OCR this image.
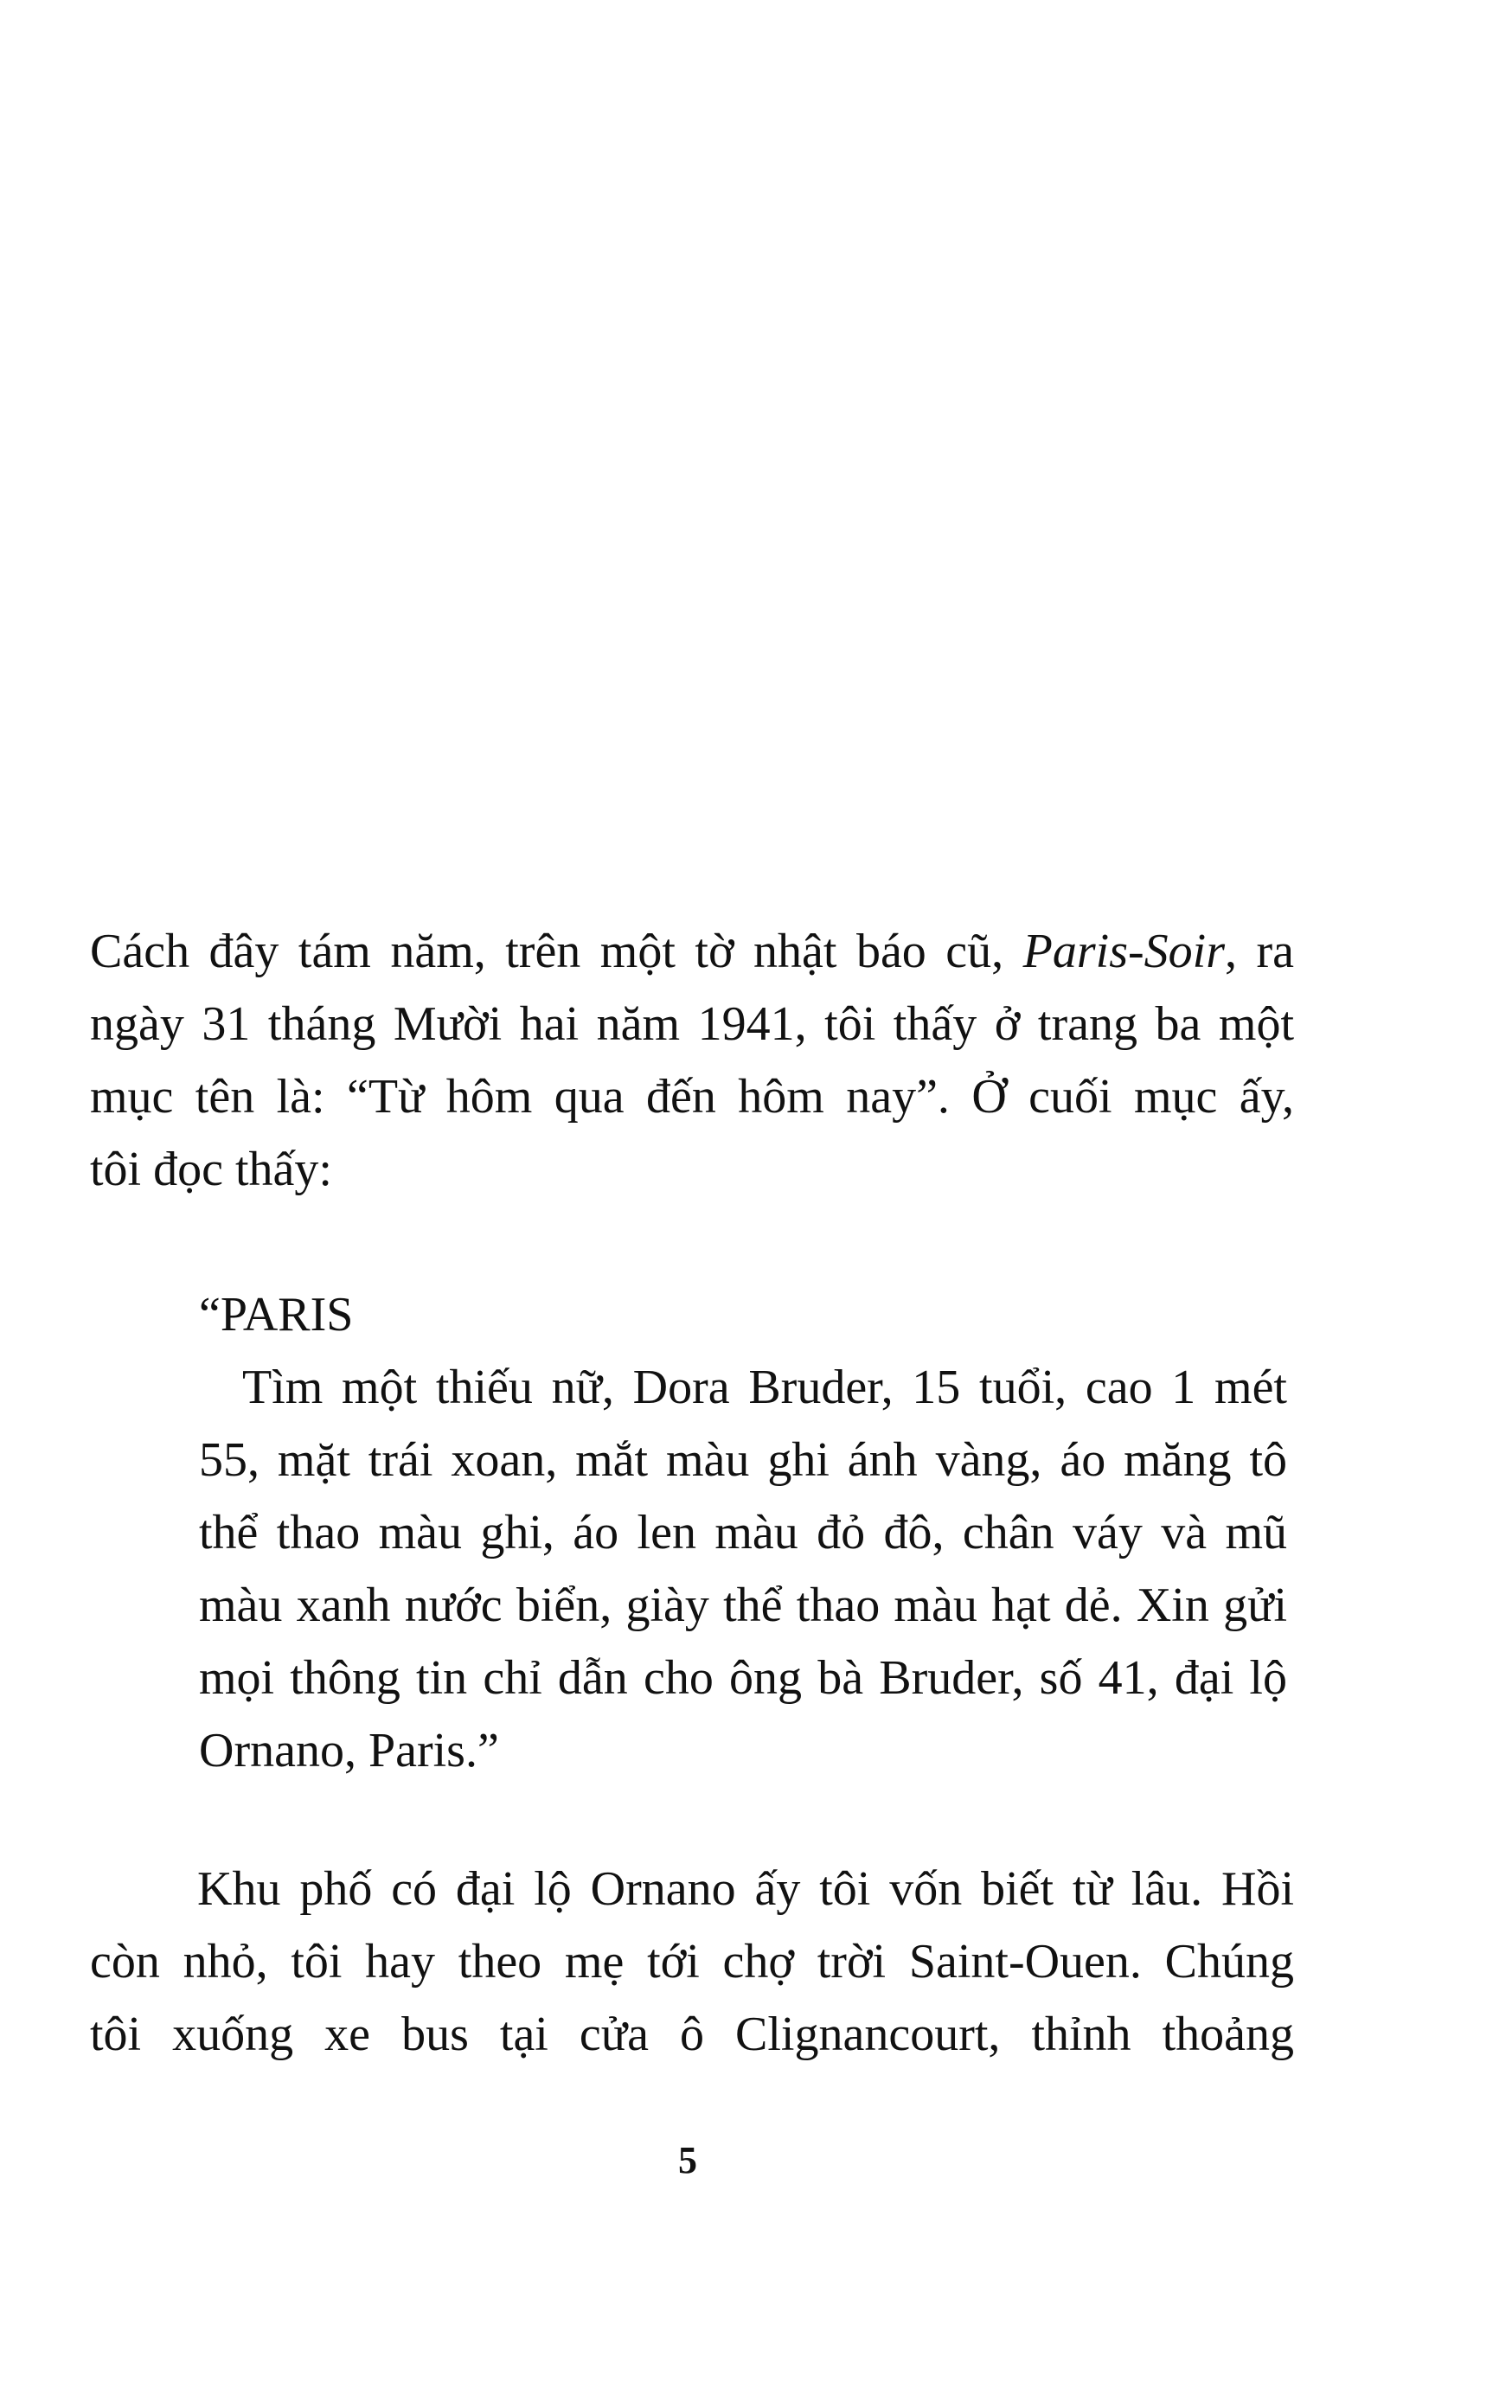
Cách đây tám năm, trên một tờ nhật báo cũ, Paris-Soir, ra
ngày 31 tháng Mười hai năm 1941, tôi thấy ở trang ba một
mục tên là: “Từ hôm qua đến hôm nay”. Ở cuối mục ấy,
tôi đọc thấy:

“PARIS
Tìm một thiếu nữ, Dora Bruder, 15 tuổi, cao 1 mét
55, mặt trái xoan, mắt màu ghi ánh vàng, áo măng tô
thể thao màu ghi, áo len màu đỏ đô, chân váy và mũ
màu xanh nước biển, giày thể thao màu hạt dẻ. Xin gửi
mọi thông tin chỉ dẫn cho ông bà Bruder, số 41, đại lộ
Ornano, Paris.”

Khu phố có đại lộ Ornano ấy tôi vốn biết từ lâu. Hồi
còn nhỏ, tôi hay theo mẹ tới chợ trời Saint-Ouen. Chúng
tôi xuống xe bus tại cửa ô Clignancourt, thỉnh thoảng

5
